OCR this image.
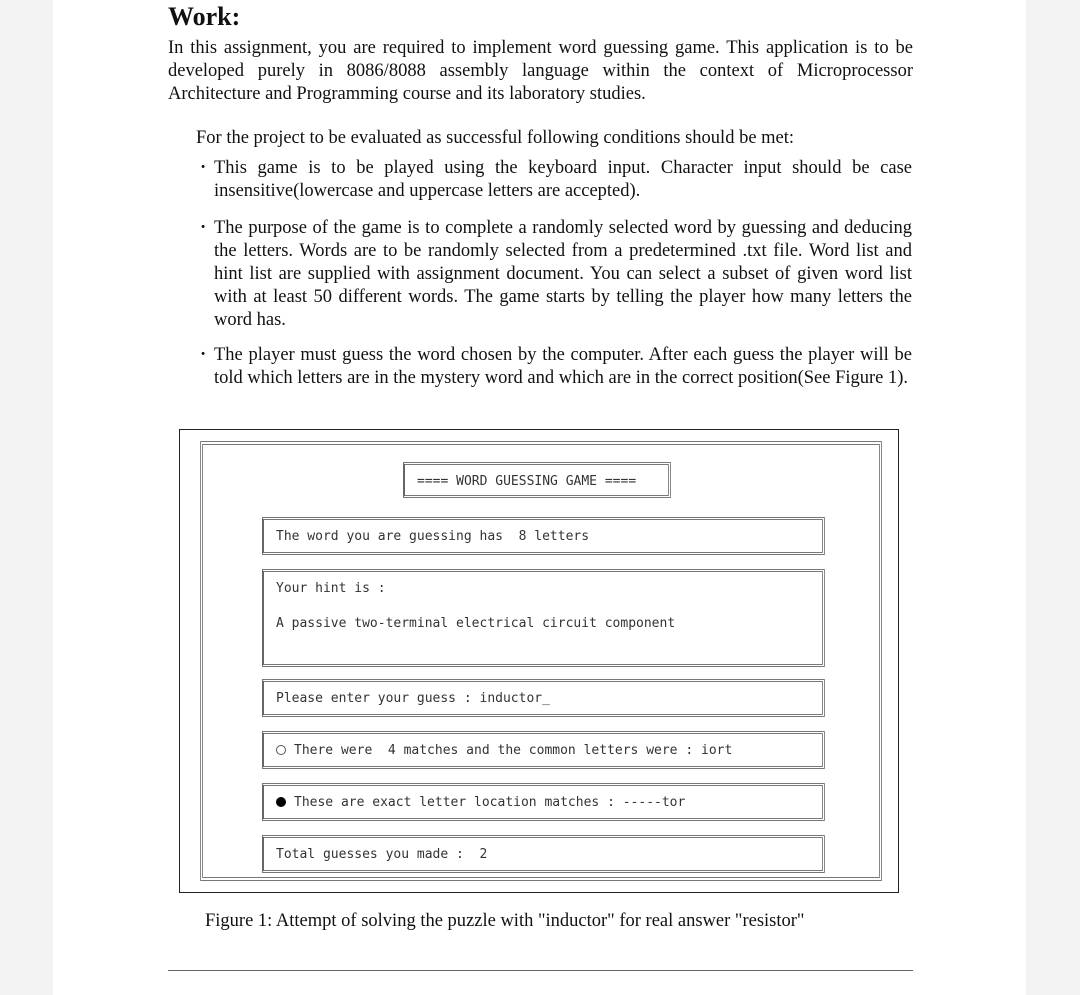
Work:

In this assignment, you are required to implement word guessing game. This application is to be developed purely in 8086/8088 assembly language within the context of Microprocessor Architecture and Programming course and its laboratory studies.

For the project to be evaluated as successful following conditions should be met:

· This game is to be played using the keyboard input. Character input should be case insensitive(lowercase and uppercase letters are accepted).
· The purpose of the game is to complete a randomly selected word by guessing and deducing the letters. Words are to be randomly selected from a predetermined .txt file. Word list and hint list are supplied with assignment document. You can select a subset of given word list with at least 50 different words. The game starts by telling the player how many letters the word has.
· The player must guess the word chosen by the computer. After each guess the player will be told which letters are in the mystery word and which are in the correct position(See Figure 1).
==== WORD GUESSING GAME ====
The word you are guessing has  8 letters
Your hint is :
A passive two-terminal electrical circuit component
Please enter your guess : inductor_
There were  4 matches and the common letters were : iort
These are exact letter location matches : -----tor
Total guesses you made :  2

Figure 1: Attempt of solving the puzzle with "inductor" for real answer "resistor"
